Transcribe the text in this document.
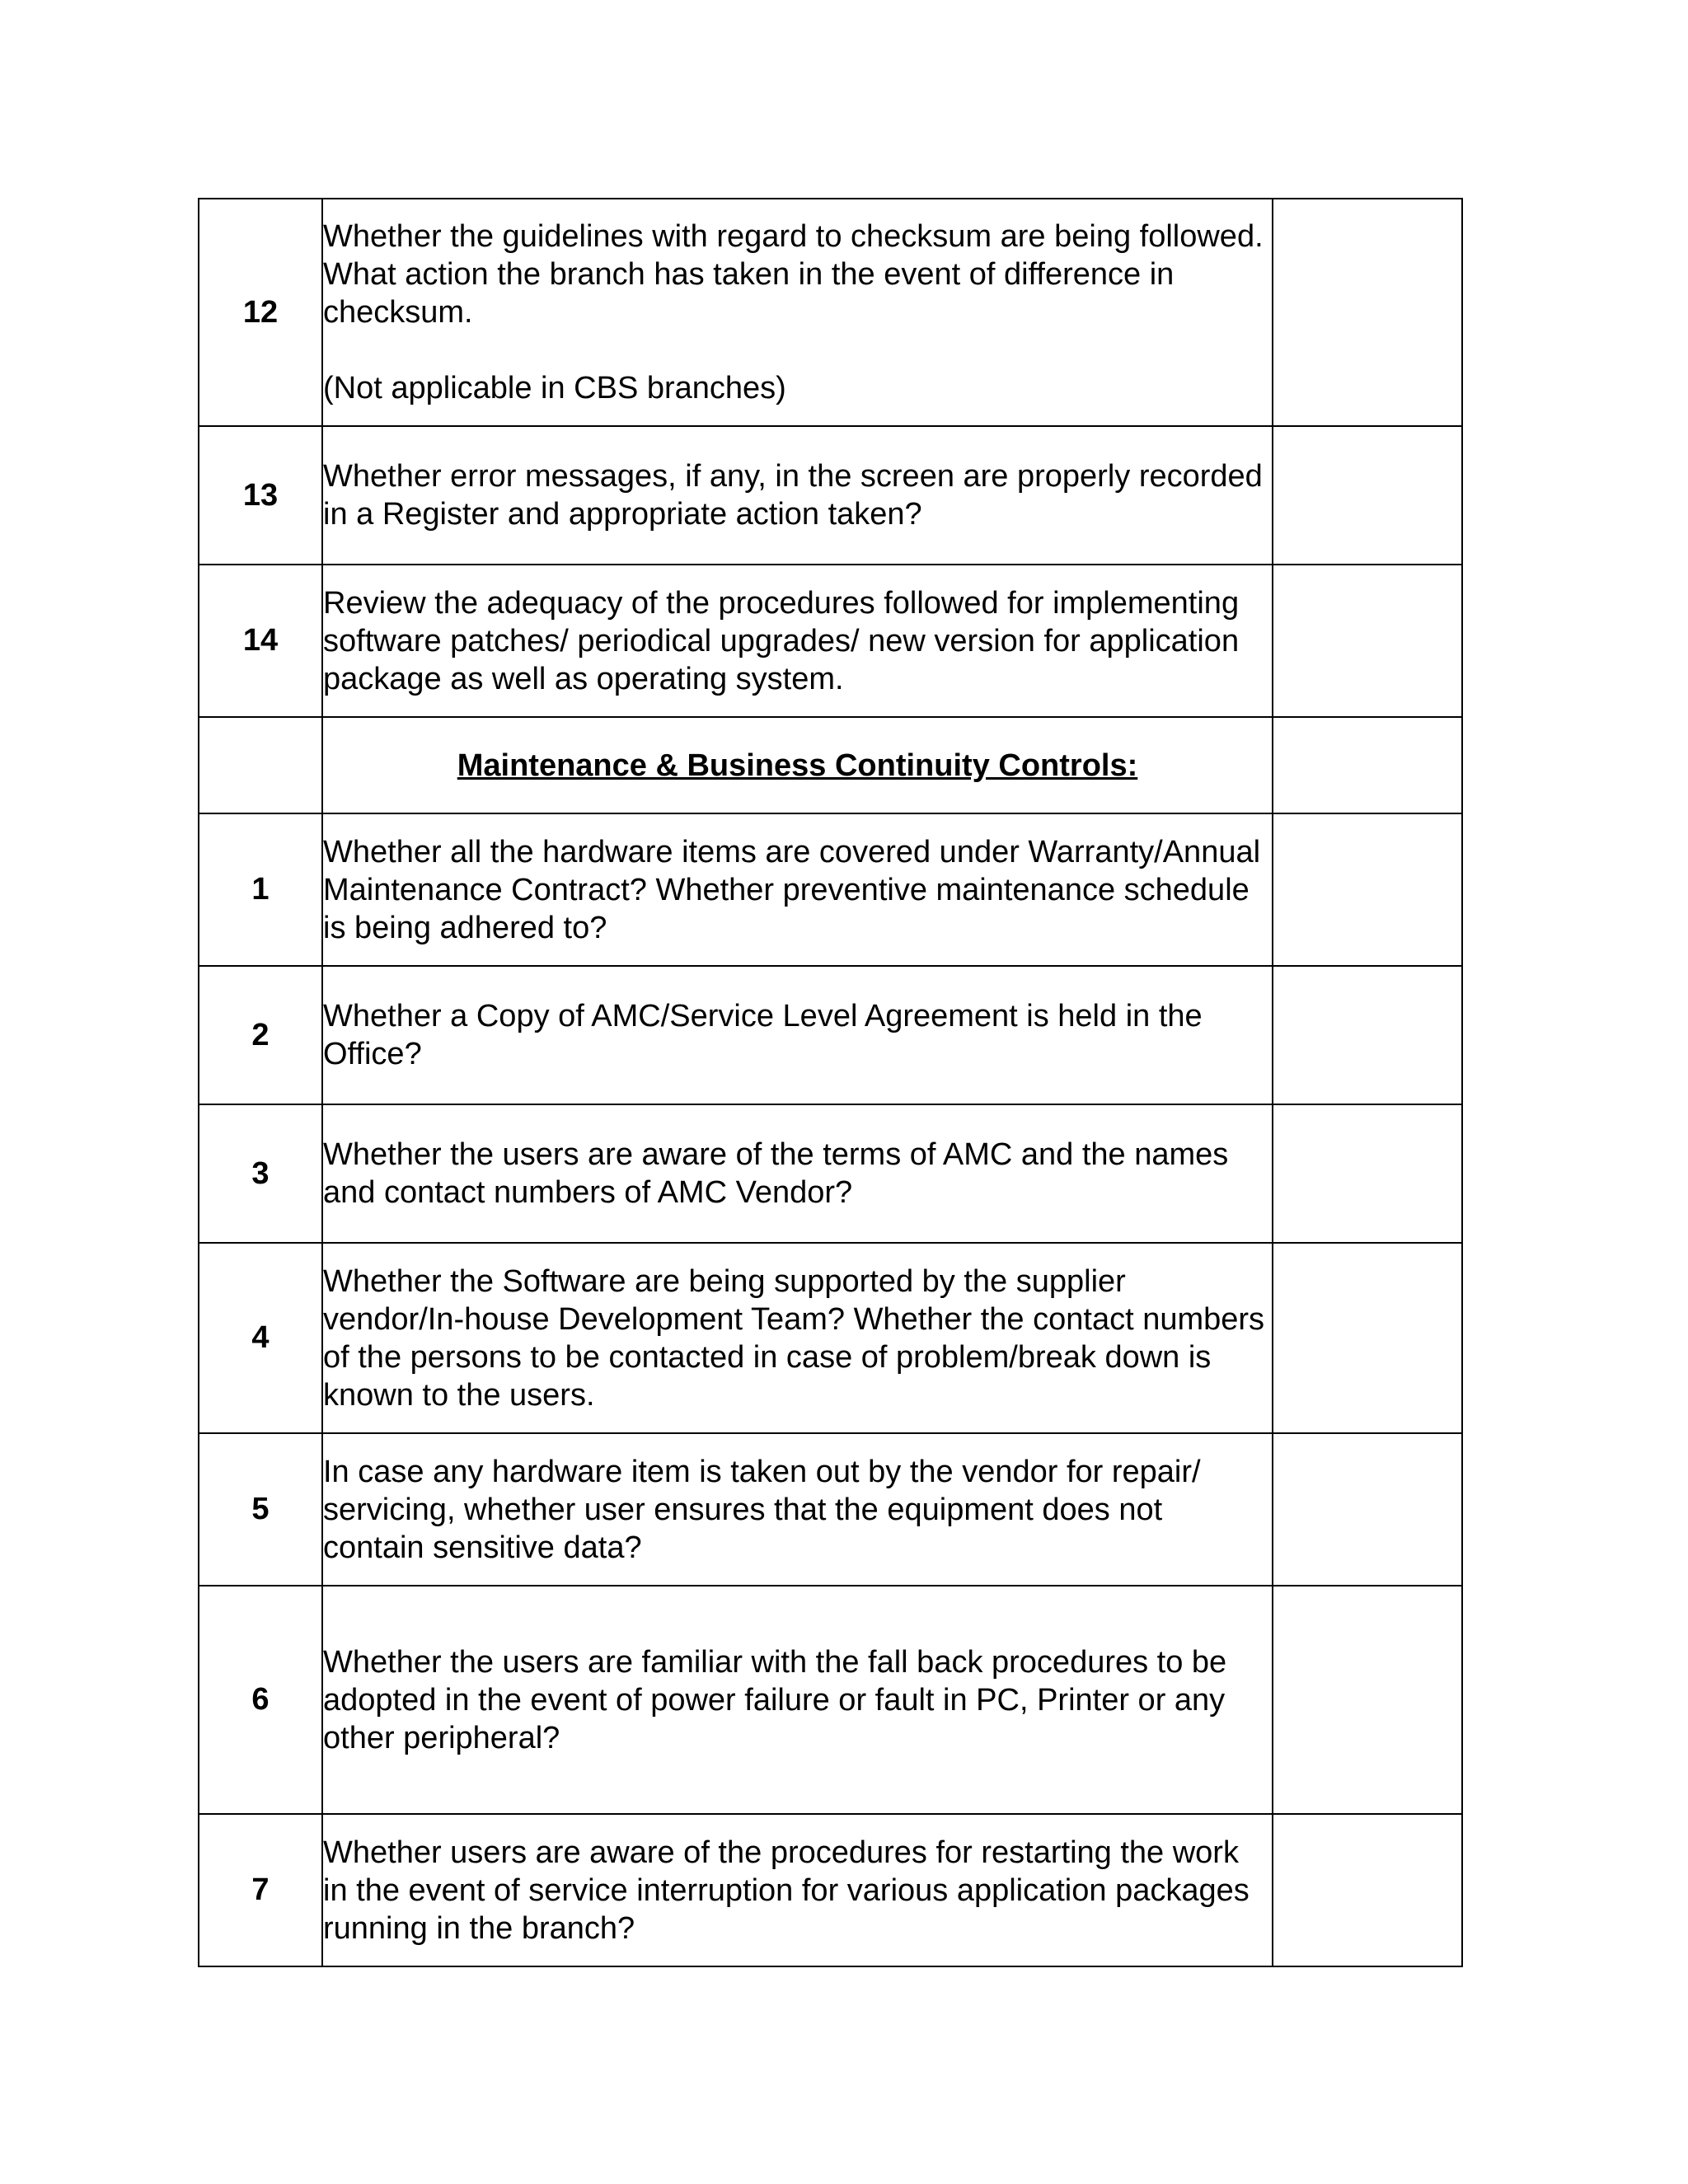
12	Whether the guidelines with regard to checksum are being followed. What action the branch has taken in the event of difference in checksum.

(Not applicable in CBS branches)	

13	Whether error messages, if any, in the screen are properly recorded in a Register and appropriate action taken?	

14	Review the adequacy of the procedures followed for implementing software patches/ periodical upgrades/ new version for application package as well as operating system.	

	Maintenance & Business Continuity Controls:	
1	Whether all the hardware items are covered under Warranty/Annual Maintenance Contract? Whether preventive maintenance schedule is being adhered to?	

2	Whether a Copy of AMC/Service Level Agreement is held in the Office?	

3	Whether the users are aware of the terms of AMC and the names and contact numbers of AMC Vendor?	

4	Whether the Software are being supported by the supplier vendor/In-house Development Team? Whether the contact numbers of the persons to be contacted in case of problem/break down is known to the users.	

5	In case any hardware item is taken out by the vendor for repair/ servicing, whether user ensures that the equipment does not contain sensitive data?	

6	Whether the users are familiar with the fall back procedures to be adopted in the event of power failure or fault in PC, Printer or any other peripheral?	

7	Whether users are aware of the procedures for restarting the work in the event of service interruption for various application packages running in the branch?	
